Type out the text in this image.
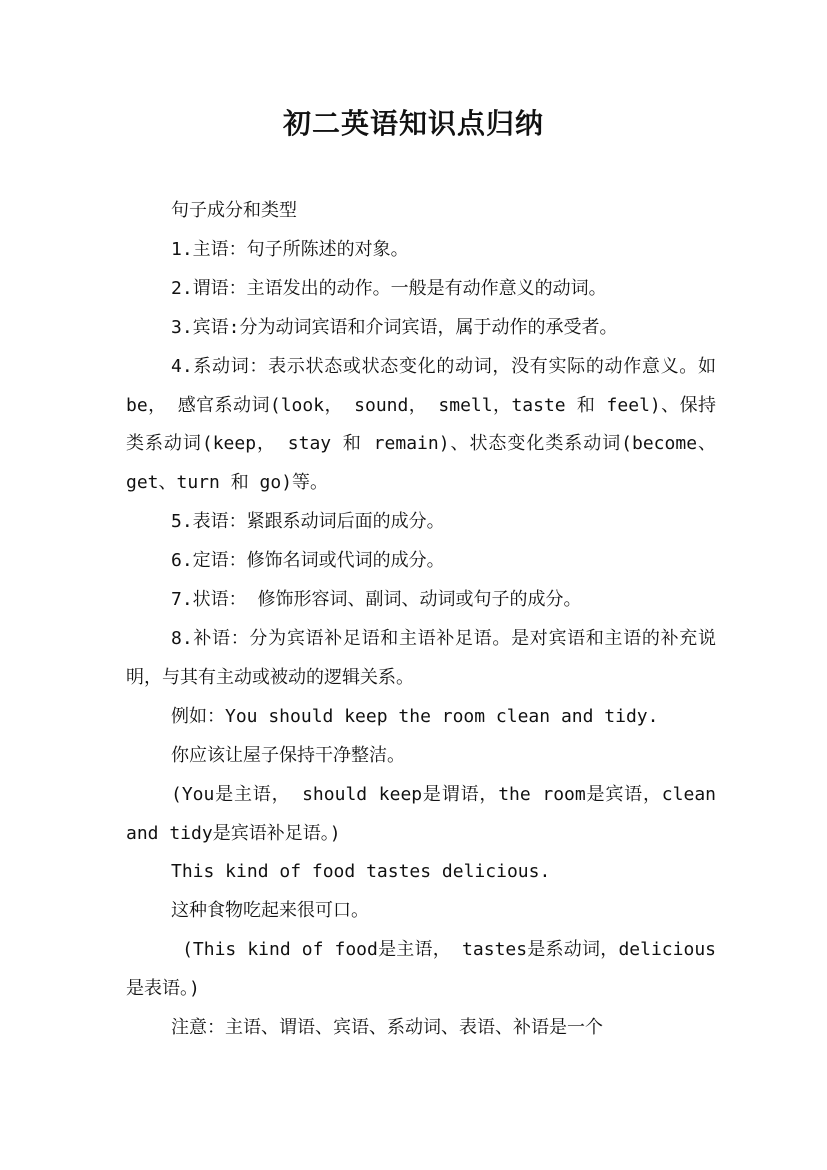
初二英语知识点归纳

句子成分和类型

1.主语：句子所陈述的对象。

2.谓语：主语发出的动作。一般是有动作意义的动词。

3.宾语:分为动词宾语和介词宾语，属于动作的承受者。

4.系动词：表示状态或状态变化的动词，没有实际的动作意义。如 be， 感官系动词(look， sound， smell，taste 和 feel)、保持类系动词(keep， stay 和 remain)、状态变化类系动词(become、get、turn 和 go)等。

5.表语：紧跟系动词后面的成分。

6.定语：修饰名词或代词的成分。

7.状语： 修饰形容词、副词、动词或句子的成分。

8.补语：分为宾语补足语和主语补足语。是对宾语和主语的补充说明，与其有主动或被动的逻辑关系。

例如：You should keep the room clean and tidy.

你应该让屋子保持干净整洁。

(You是主语， should keep是谓语，the room是宾语，clean and tidy是宾语补足语。)

This kind of food tastes delicious.

这种食物吃起来很可口。

(This kind of food是主语， tastes是系动词，delicious是表语。)

注意：主语、谓语、宾语、系动词、表语、补语是一个
